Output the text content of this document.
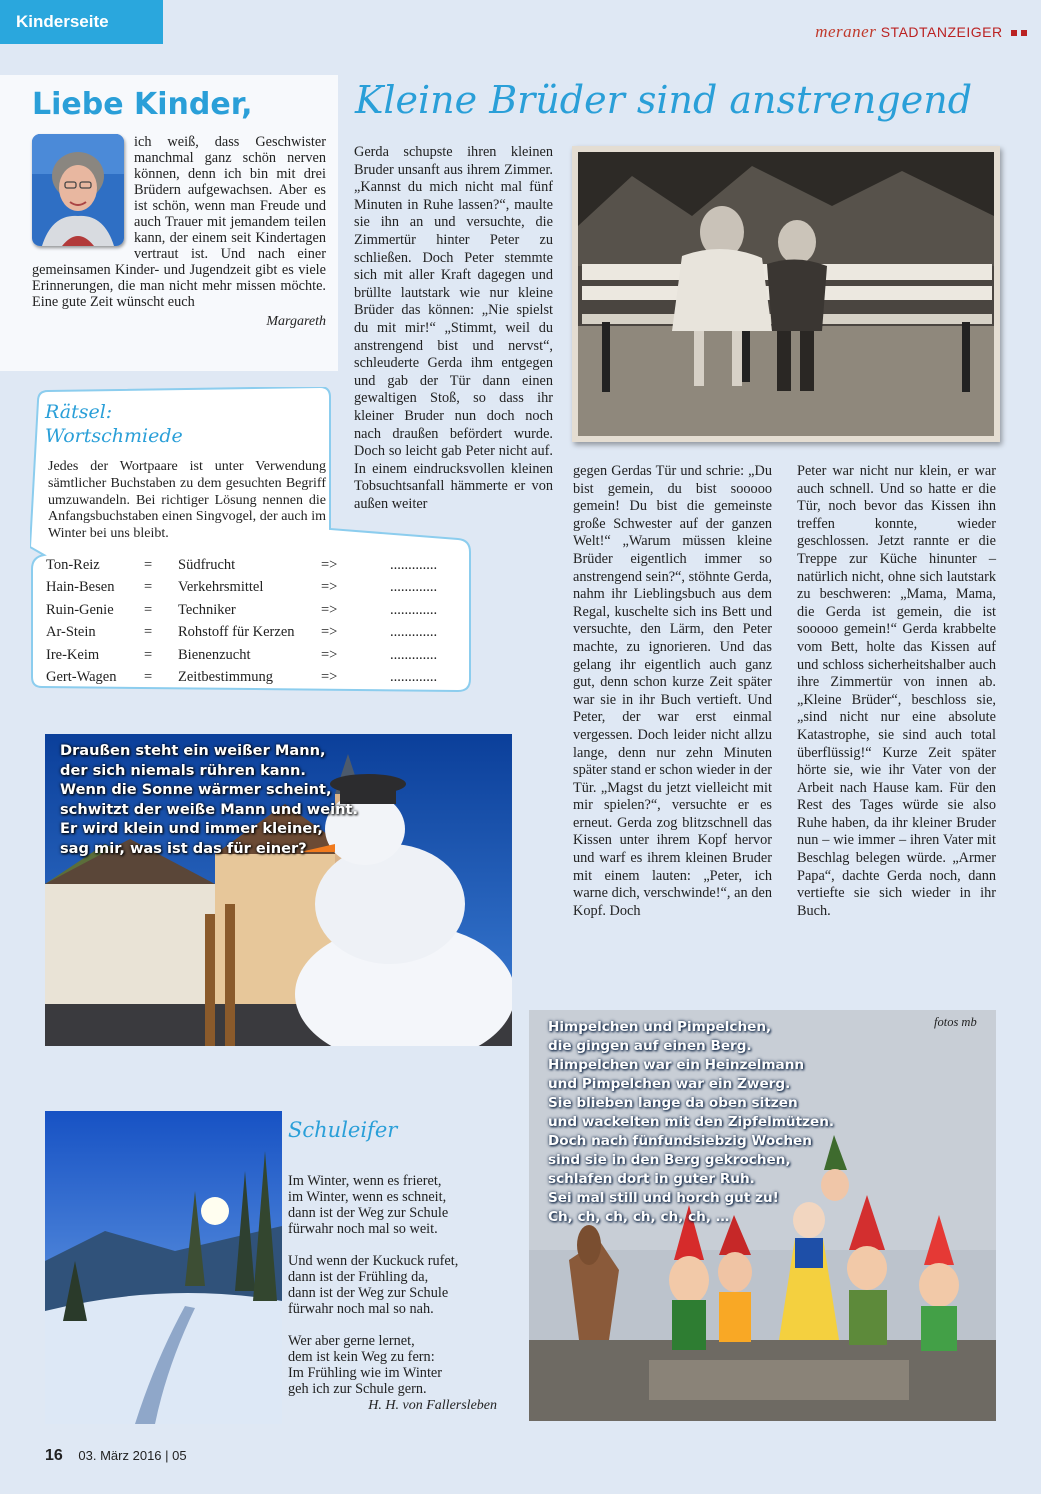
Kinderseite
meraner STADTANZEIGER
Liebe Kinder,
ich weiß, dass Geschwister manchmal ganz schön nerven können, denn ich bin mit drei Brüdern aufgewachsen. Aber es ist schön, wenn man Freude und auch Trauer mit jemandem teilen kann, der einem seit Kindertagen vertraut ist. Und nach einer gemeinsamen Kinder- und Jugendzeit gibt es viele Erinnerungen, die man nicht mehr missen möchte. Eine gute Zeit wünscht euch
Margareth
Kleine Brüder sind anstrengend
Gerda schupste ihren kleinen Bruder unsanft aus ihrem Zimmer. „Kannst du mich nicht mal fünf Minuten in Ruhe lassen?“, maulte sie ihn an und versuchte, die Zimmertür hinter Peter zu schließen. Doch Peter stemmte sich mit aller Kraft dagegen und brüllte lautstark wie nur kleine Brüder das können: „Nie spielst du mit mir!“ „Stimmt, weil du anstrengend bist und nervst“, schleuderte Gerda ihm entgegen und gab der Tür dann einen gewaltigen Stoß, so dass ihr kleiner Bruder nun doch noch nach draußen befördert wurde. Doch so leicht gab Peter nicht auf. In einem eindrucksvollen kleinen Tobsuchtsanfall hämmerte er von außen weiter
gegen Gerdas Tür und schrie: „Du bist gemein, du bist sooooo gemein! Du bist die gemeinste große Schwester auf der ganzen Welt!“ „Warum müssen kleine Brüder eigentlich immer so anstrengend sein?“, stöhnte Gerda, nahm ihr Lieblingsbuch aus dem Regal, kuschelte sich ins Bett und versuchte, den Lärm, den Peter machte, zu ignorieren. Und das gelang ihr eigentlich auch ganz gut, denn schon kurze Zeit später war sie in ihr Buch vertieft. Und Peter, der war erst einmal vergessen. Doch leider nicht allzu lange, denn nur zehn Minuten später stand er schon wieder in der Tür. „Magst du jetzt vielleicht mit mir spielen?“, versuchte er es erneut. Gerda zog blitzschnell das Kissen unter ihrem Kopf hervor und warf es ihrem kleinen Bruder mit einem lauten: „Peter, ich warne dich, verschwinde!“, an den Kopf. Doch
Peter war nicht nur klein, er war auch schnell. Und so hatte er die Tür, noch bevor das Kissen ihn treffen konnte, wieder geschlossen. Jetzt rannte er die Treppe zur Küche hinunter – natürlich nicht, ohne sich lautstark zu beschweren: „Mama, Mama, die Gerda ist gemein, die ist sooooo gemein!“ Gerda krabbelte vom Bett, holte das Kissen auf und schloss sicherheitshalber auch ihre Zimmertür von innen ab. „Kleine Brüder“, beschloss sie, „sind nicht nur eine absolute Katastrophe, sie sind auch total überflüssig!“ Kurze Zeit später hörte sie, wie ihr Vater von der Arbeit nach Hause kam. Für den Rest des Tages würde sie also Ruhe haben, da ihr kleiner Bruder nun – wie immer – ihren Vater mit Beschlag belegen würde. „Armer Papa“, dachte Gerda noch, dann vertiefte sie sich wieder in ihr Buch.
Rätsel:
Wortschmiede
Jedes der Wortpaare ist unter Verwendung sämtlicher Buchstaben zu dem gesuchten Begriff umzuwandeln. Bei richtiger Lösung nennen die Anfangsbuchstaben einen Singvogel, der auch im Winter bei uns bleibt.
Ton-Reiz	=	Südfrucht	=>	.............
Hain-Besen	=	Verkehrsmittel	=>	.............
Ruin-Genie	=	Techniker	=>	.............
Ar-Stein	=	Rohstoff für Kerzen	=>	.............
Ire-Keim	=	Bienenzucht	=>	.............
Gert-Wagen	=	Zeitbestimmung	=>	.............
Draußen steht ein weißer Mann,
der sich niemals rühren kann.
Wenn die Sonne wärmer scheint,
schwitzt der weiße Mann und weint.
Er wird klein und immer kleiner,
sag mir, was ist das für einer?
Schuleifer
Im Winter, wenn es frieret,
im Winter, wenn es schneit,
dann ist der Weg zur Schule
fürwahr noch mal so weit.
Und wenn der Kuckuck rufet,
dann ist der Frühling da,
dann ist der Weg zur Schule
fürwahr noch mal so nah.
Wer aber gerne lernet,
dem ist kein Weg zu fern:
Im Frühling wie im Winter
geh ich zur Schule gern.
H. H. von Fallersleben
Himpelchen und Pimpelchen,
die gingen auf einen Berg.
Himpelchen war ein Heinzelmann
und Pimpelchen war ein Zwerg.
Sie blieben lange da oben sitzen
und wackelten mit den Zipfelmützen.
Doch nach fünfundsiebzig Wochen
sind sie in den Berg gekrochen,
schlafen dort in guter Ruh.
Sei mal still und horch gut zu!
Ch, ch, ch, ch, ch, ch, …
fotos mb
16 03. März 2016 | 05
